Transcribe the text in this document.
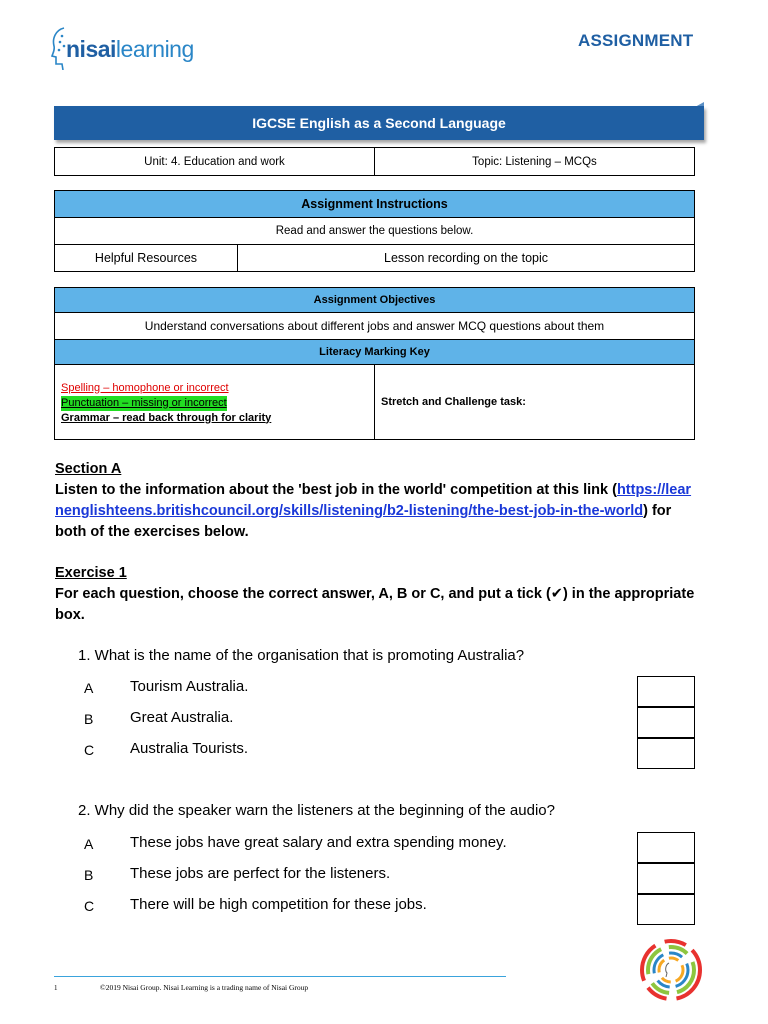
nisailearning	ASSIGNMENT
IGCSE English as a Second Language
Unit: 4. Education and work	Topic: Listening – MCQs
Assignment Instructions
Read and answer the questions below.
Helpful Resources	Lesson recording on the topic
Assignment Objectives
Understand conversations about different jobs and answer MCQ questions about them
Literacy Marking Key

Spelling – homophone or incorrect
Punctuation – missing or incorrect
Grammar – read back through for clarity
	Stretch and Challenge task:
Section A
Listen to the information about the 'best job in the world' competition at this link (https://learnenglishteens.britishcouncil.org/skills/listening/b2-listening/the-best-job-in-the-world) for both of the exercises below.
Exercise 1
For each question, choose the correct answer, A, B or C, and put a tick (✔) in the appropriate box.
1. What is the name of the organisation that is promoting Australia?
A Tourism Australia.
B Great Australia.
C Australia Tourists.
2. Why did the speaker warn the listeners at the beginning of the audio?
A These jobs have great salary and extra spending money.
B These jobs are perfect for the listeners.
C There will be high competition for these jobs.
1	©2019 Nisai Group. Nisai Learning is a trading name of Nisai Group
